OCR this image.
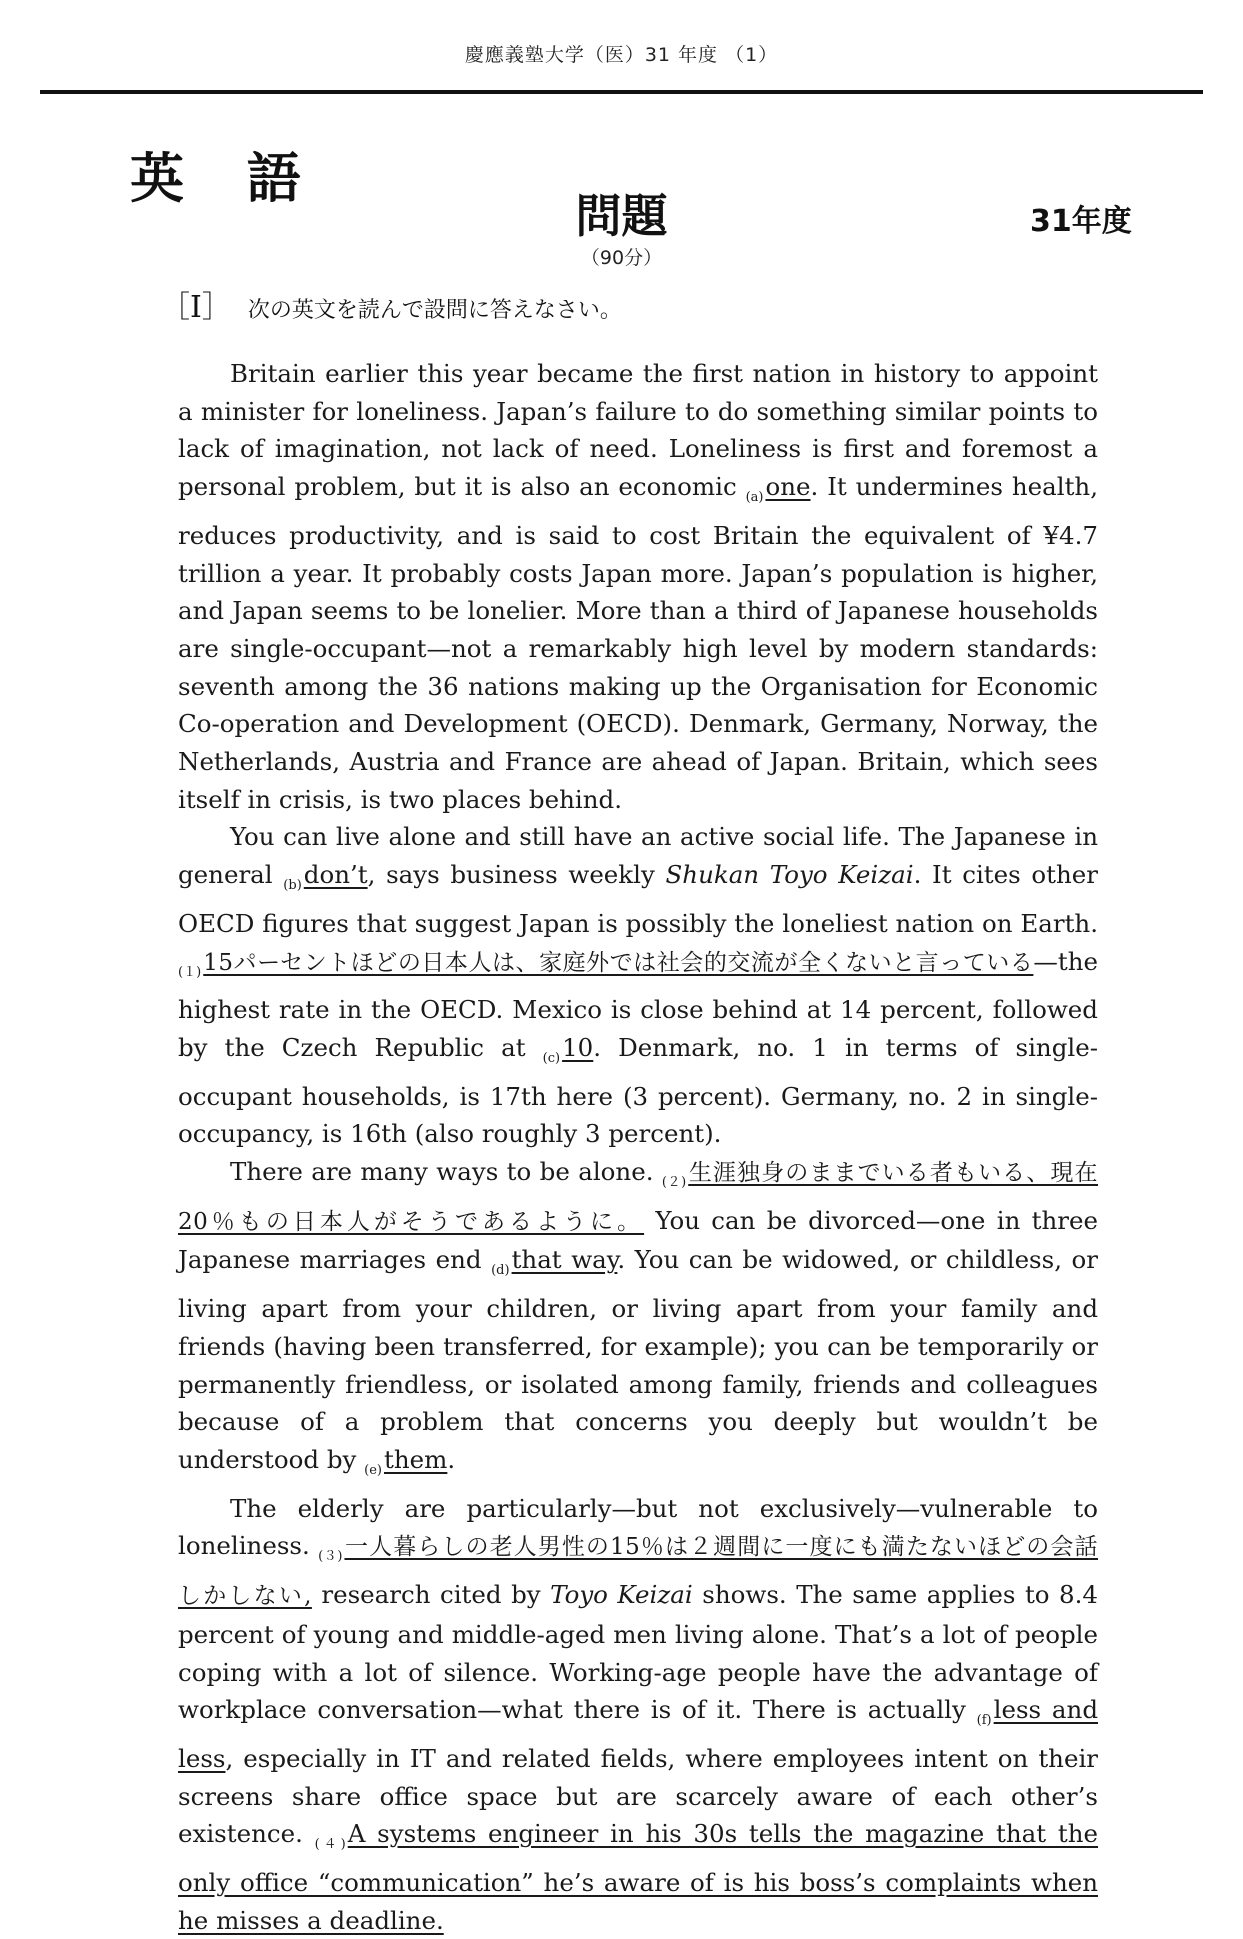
慶應義塾大学（医）31 年度 （1）
英 語
問題
（90分）
31年度
［Ⅰ］ 次の英文を読んで設問に答えなさい。

Britain earlier this year became the first nation in history to appoint a minister for loneliness. Japan’s failure to do something similar points to lack of imagination, not lack of need. Loneliness is first and foremost a personal problem, but it is also an economic $_{(a)}$one. It undermines health, reduces productivity, and is said to cost Britain the equivalent of ¥4.7 trillion a year. It probably costs Japan more. Japan’s population is higher, and Japan seems to be lonelier. More than a third of Japanese households are single-occupant—not a remarkably high level by modern standards: seventh among the 36 nations making up the Organisation for Economic Co-operation and Development (OECD). Denmark, Germany, Norway, the Netherlands, Austria and France are ahead of Japan. Britain, which sees itself in crisis, is two places behind.

You can live alone and still have an active social life. The Japanese in general $_{(b)}$don’t, says business weekly Shukan Toyo Keizai. It cites other OECD figures that suggest Japan is possibly the loneliest nation on Earth. $_{(1)}$15パーセントほどの日本人は、家庭外では社会的交流が全くないと言っている—the highest rate in the OECD. Mexico is close behind at 14 percent, followed by the Czech Republic at $_{(c)}$10. Denmark, no. 1 in terms of single-occupant households, is 17th here (3 percent). Germany, no. 2 in single-occupancy, is 16th (also roughly 3 percent).

There are many ways to be alone. $_{(2)}$生涯独身のままでいる者もいる、現在20％もの日本人がそうであるように。 You can be divorced—one in three Japanese marriages end $_{(d)}$that way. You can be widowed, or childless, or living apart from your children, or living apart from your family and friends (having been transferred, for example); you can be temporarily or permanently friendless, or isolated among family, friends and colleagues because of a problem that concerns you deeply but wouldn’t be understood by $_{(e)}$them.

The elderly are particularly—but not exclusively—vulnerable to loneliness. $_{(3)}$一人暮らしの老人男性の15％は２週間に一度にも満たないほどの会話しかしない, research cited by Toyo Keizai shows. The same applies to 8.4 percent of young and middle-aged men living alone. That’s a lot of people coping with a lot of silence. Working-age people have the advantage of workplace conversation—what there is of it. There is actually $_{(f)}$less and less, especially in IT and related fields, where employees intent on their screens share office space but are scarcely aware of each other’s existence. $_{(4)}$A systems engineer in his 30s tells the magazine that the only office “communication” he’s aware of is his boss’s complaints when he misses a deadline.
